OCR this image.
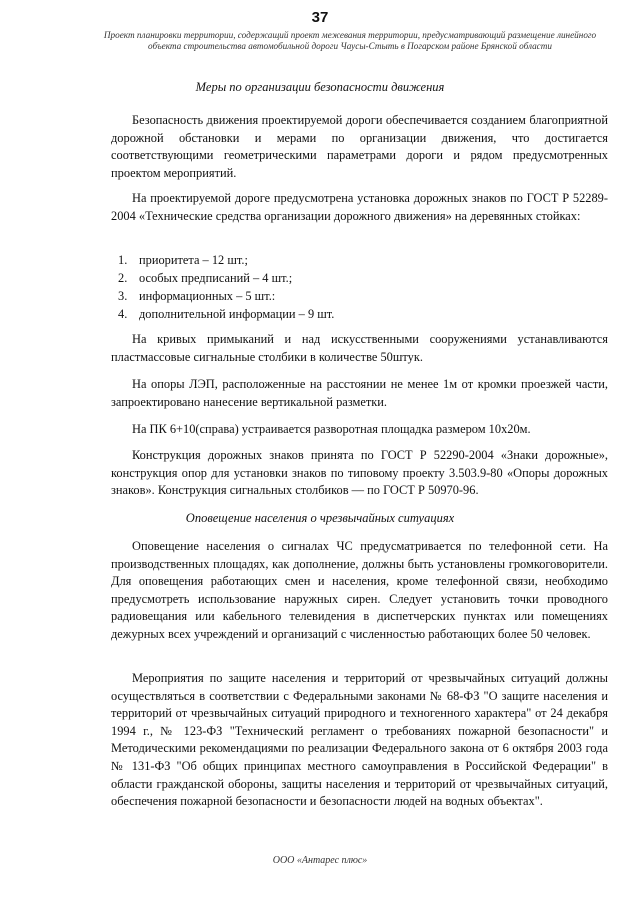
37
Проект планировки территории, содержащий проект межевания территории, предусматривающий размещение линейного объекта строительства автомобильной дороги Чаусы-Стыть в Погарском районе Брянской области
Меры по организации безопасности движения

Безопасность движения проектируемой дороги обеспечивается созданием благоприятной дорожной обстановки и мерами по организации движения, что достигается соответствующими геометрическими параметрами дороги и рядом предусмотренных проектом мероприятий.

На проектируемой дороге предусмотрена установка дорожных знаков по ГОСТ Р 52289-2004 «Технические средства организации дорожного движения» на деревянных стойках:

1. приоритета – 12 шт.;
2. особых предписаний – 4 шт.;
3. информационных – 5 шт.:
4. дополнительной информации – 9 шт.

На кривых примыканий и над искусственными сооружениями устанавливаются пластмассовые сигнальные столбики в количестве 50штук.

На опоры ЛЭП, расположенные на расстоянии не менее 1м от кромки проезжей части, запроектировано нанесение вертикальной разметки.

На ПК 6+10(справа) устраивается разворотная площадка размером 10х20м.

Конструкция дорожных знаков принята по ГОСТ Р 52290-2004 «Знаки дорожные», конструкция опор для установки знаков по типовому проекту 3.503.9-80 «Опоры дорожных знаков». Конструкция сигнальных столбиков — по ГОСТ Р 50970-96.

Оповещение населения о чрезвычайных ситуациях

Оповещение населения о сигналах ЧС предусматривается по телефонной сети. На производственных площадях, как дополнение, должны быть установлены громкоговорители. Для оповещения работающих смен и населения, кроме телефонной связи, необходимо предусмотреть использование наружных сирен. Следует установить точки проводного радиовещания или кабельного телевидения в диспетчерских пунктах или помещениях дежурных всех учреждений и организаций с численностью работающих более 50 человек.

Мероприятия по защите населения и территорий от чрезвычайных ситуаций должны осуществляться в соответствии с Федеральными законами № 68-ФЗ "О защите населения и территорий от чрезвычайных ситуаций природного и техногенного характера" от 24 декабря 1994 г., № 123-ФЗ "Технический регламент о требованиях пожарной безопасности" и Методическими рекомендациями по реализации Федерального закона от 6 октября 2003 года № 131-ФЗ "Об общих принципах местного самоуправления в Российской Федерации" в области гражданской обороны, защиты населения и территорий от чрезвычайных ситуаций, обеспечения пожарной безопасности и безопасности людей на водных объектах".

ООО «Антарес плюс»
